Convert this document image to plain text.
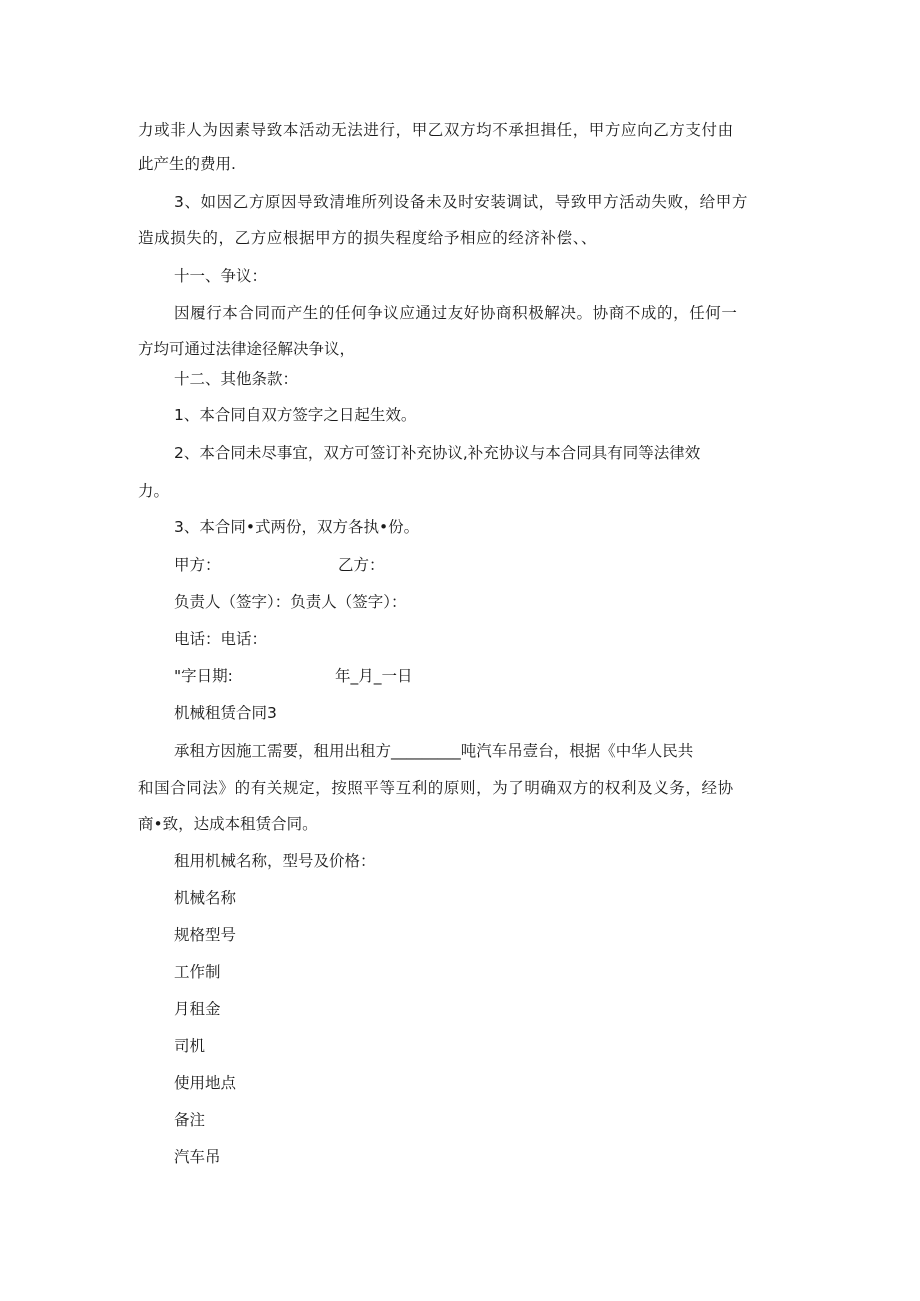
力或非人为因素导致本活动无法进行，甲乙双方均不承担揖任，甲方应向乙方支付由

此产生的费用.

3、如因乙方原因导致清堆所列设备未及时安装调试，导致甲方活动失败，给甲方

造成损失的，乙方应根据甲方的损失程度给予相应的经济补偿、、

十一、争议：

因履行本合同而产生的任何争议应通过友好协商积极解决。协商不成的，任何一

方均可通过法律途径解决争议，

十二、其他条款：

1、本合同自双方签字之日起生效。

2、本合同未尽事宜，双方可签订补充协议,补充协议与本合同具有同等法律效

力。

3、本合同•式两份，双方各执•份。

甲方：	乙方：

负责人（签字）：负责人（签字）：

电话：电话：

"字日期:	年_月_一日

机械租赁合同3

承租方因施工需要，租用出租方_________吨汽车吊壹台，根据《中华人民共

和国合同法》的有关规定，按照平等互利的原则，为了明确双方的权利及义务，经协

商•致，达成本租赁合同。

租用机械名称，型号及价格：

机械名称

规格型号

工作制

月租金

司机

使用地点

备注

汽车吊
